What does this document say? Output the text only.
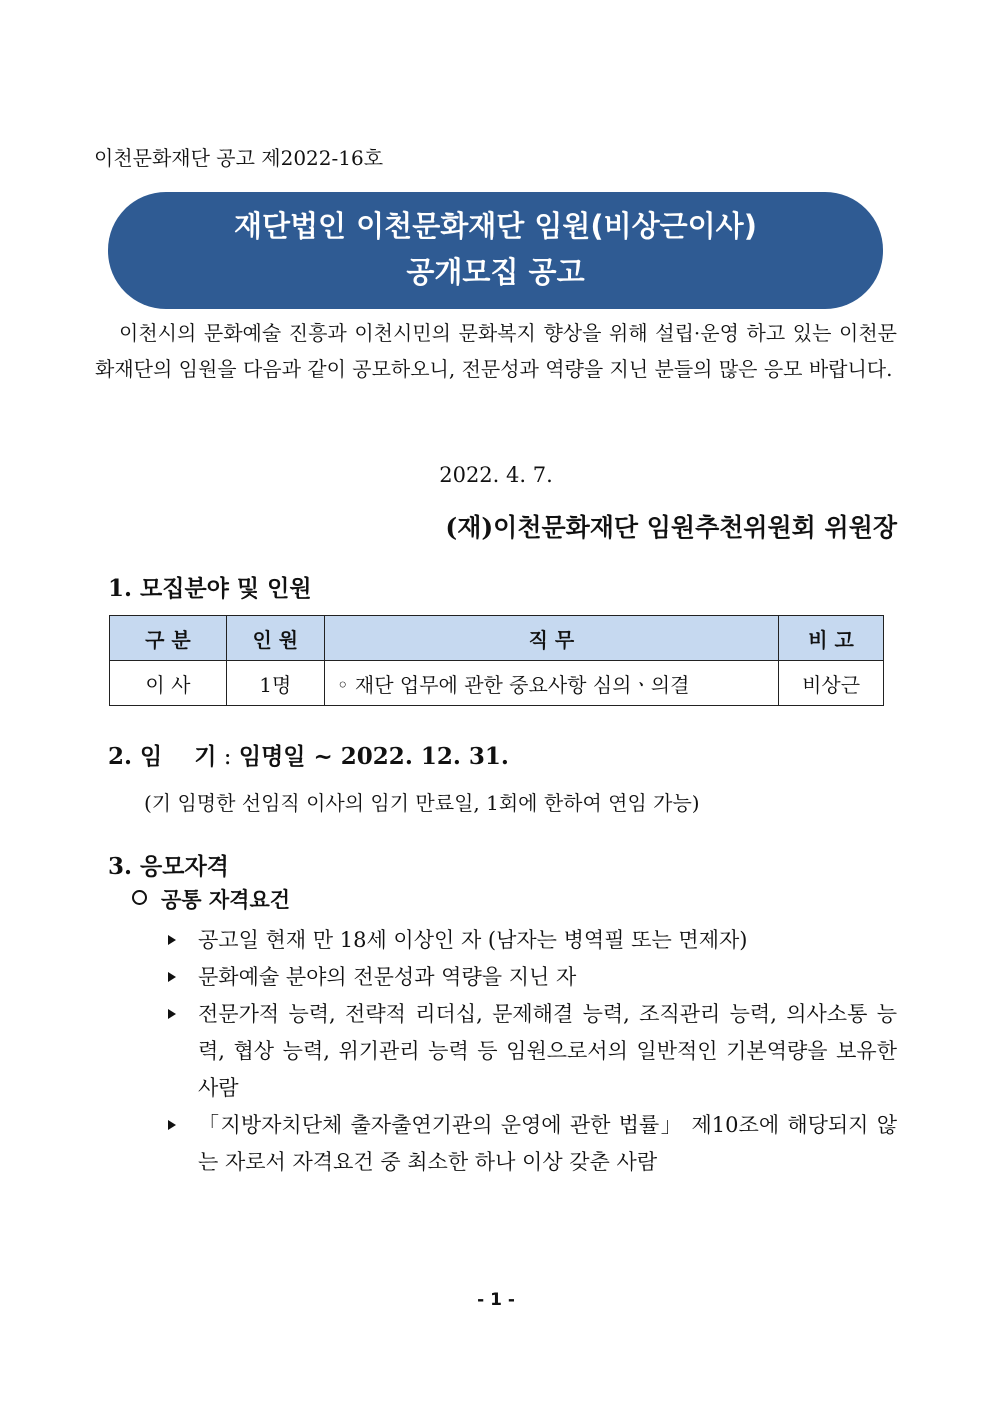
이천문화재단 공고 제2022-16호
재단법인 이천문화재단 임원(비상근이사)
공개모집 공고
이천시의 문화예술 진흥과 이천시민의 문화복지 향상을 위해 설립·운영 하고 있는 이천문화재단의 임원을 다음과 같이 공모하오니, 전문성과 역량을 지닌 분들의 많은 응모 바랍니다.
2022. 4. 7.
(재)이천문화재단 임원추천위원회 위원장
1. 모집분야 및 인원
구 분	인 원	직 무	비 고
이 사	1명	◦ 재단 업무에 관한 중요사항 심의ㆍ의결	비상근
2. 임    기 : 임명일 ~ 2022. 12. 31.
(기 임명한 선임직 이사의 임기 만료일, 1회에 한하여 연임 가능)
3. 응모자격
공통 자격요건
공고일 현재 만 18세 이상인 자 (남자는 병역필 또는 면제자)
문화예술 분야의 전문성과 역량을 지닌 자
전문가적 능력, 전략적 리더십, 문제해결 능력, 조직관리 능력, 의사소통 능력, 협상 능력, 위기관리 능력 등 임원으로서의 일반적인 기본역량을 보유한 사람
「지방자치단체 출자출연기관의 운영에 관한 법률」 제10조에 해당되지 않는 자로서 자격요건 중 최소한 하나 이상 갖춘 사람
- 1 -
